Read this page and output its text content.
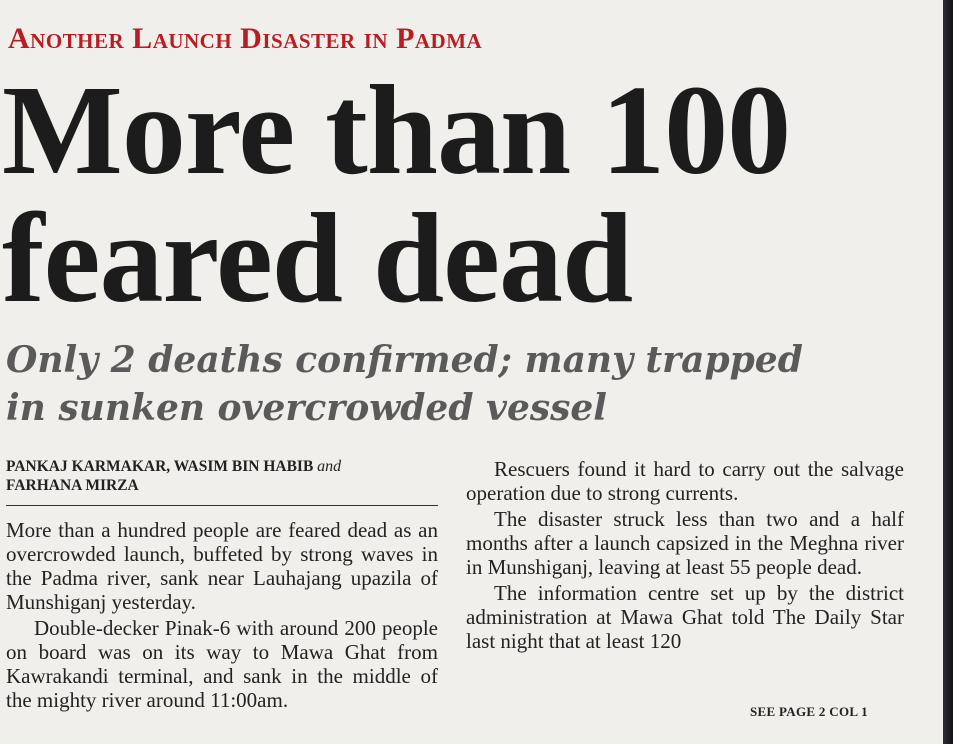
Another Launch Disaster in Padma
More than 100
feared dead
Only 2 deaths confirmed; many trapped
in sunken overcrowded vessel
PANKAJ KARMAKAR, WASIM BIN HABIB and
FARHANA MIRZA

More than a hundred people are feared dead as an overcrowded launch, buffeted by strong waves in the Padma river, sank near Lauhajang upazila of Munshiganj yesterday.

Double-decker Pinak-6 with around 200 people on board was on its way to Mawa Ghat from Kawrakandi terminal, and sank in the middle of the mighty river around 11:00am.

Rescuers found it hard to carry out the salvage operation due to strong currents.

The disaster struck less than two and a half months after a launch capsized in the Meghna river in Munshiganj, leaving at least 55 people dead.

The information centre set up by the district administration at Mawa Ghat told The Daily Star last night that at least 120

SEE PAGE 2 COL 1
